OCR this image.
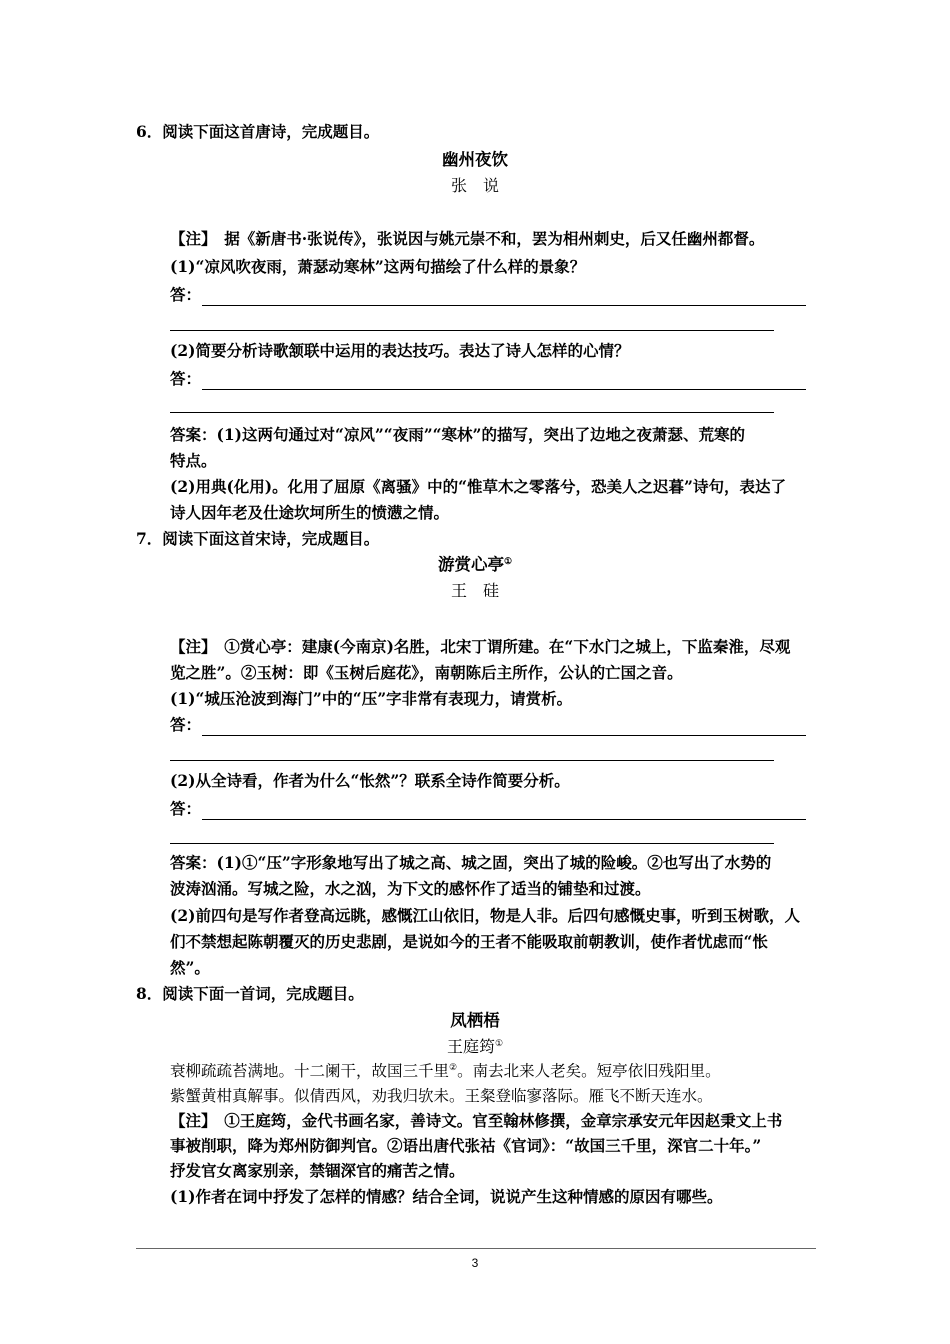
6．阅读下面这首唐诗，完成题目。
幽州夜饮
张　说
【注】　据《新唐书·张说传》，张说因与姚元崇不和，罢为相州刺史，后又任幽州都督。
(1)“凉风吹夜雨，萧瑟动寒林”这两句描绘了什么样的景象？
答：
(2)简要分析诗歌颔联中运用的表达技巧。表达了诗人怎样的心情？
答：
答案：(1)这两句通过对“凉风”“夜雨”“寒林”的描写，突出了边地之夜萧瑟、荒寒的
特点。
(2)用典(化用)。化用了屈原《离骚》中的“惟草木之零落兮，恐美人之迟暮”诗句，表达了
诗人因年老及仕途坎坷所生的愤懑之情。
7．阅读下面这首宋诗，完成题目。
游赏心亭①
王　硅
【注】　①赏心亭：建康(今南京)名胜，北宋丁谓所建。在“下水门之城上，下监秦淮，尽观
览之胜”。②玉树：即《玉树后庭花》，南朝陈后主所作，公认的亡国之音。
(1)“城压沧波到海门”中的“压”字非常有表现力，请赏析。
答：
(2)从全诗看，作者为什么“怅然”？联系全诗作简要分析。
答：
答案：(1)①“压”字形象地写出了城之高、城之固，突出了城的险峻。②也写出了水势的
波涛汹涌。写城之险，水之汹，为下文的感怀作了适当的铺垫和过渡。
(2)前四句是写作者登高远眺，感慨江山依旧，物是人非。后四句感慨史事，听到玉树歌，人
们不禁想起陈朝覆灭的历史悲剧，是说如今的王者不能吸取前朝教训，使作者忧虑而“怅
然”。
8．阅读下面一首词，完成题目。
凤栖梧
王庭筠①
衰柳疏疏苔满地。十二阑干，故国三千里②。南去北来人老矣。短亭依旧残阳里。
紫蟹黄柑真解事。似倩西风，劝我归欤未。王粲登临寥落际。雁飞不断天连水。
【注】　①王庭筠，金代书画名家，善诗文。官至翰林修撰，金章宗承安元年因赵秉文上书
事被削职，降为郑州防御判官。②语出唐代张祜《官词》：“故国三千里，深官二十年。”
抒发官女离家别亲，禁锢深官的痛苦之情。
(1)作者在词中抒发了怎样的情感？结合全词，说说产生这种情感的原因有哪些。
3
